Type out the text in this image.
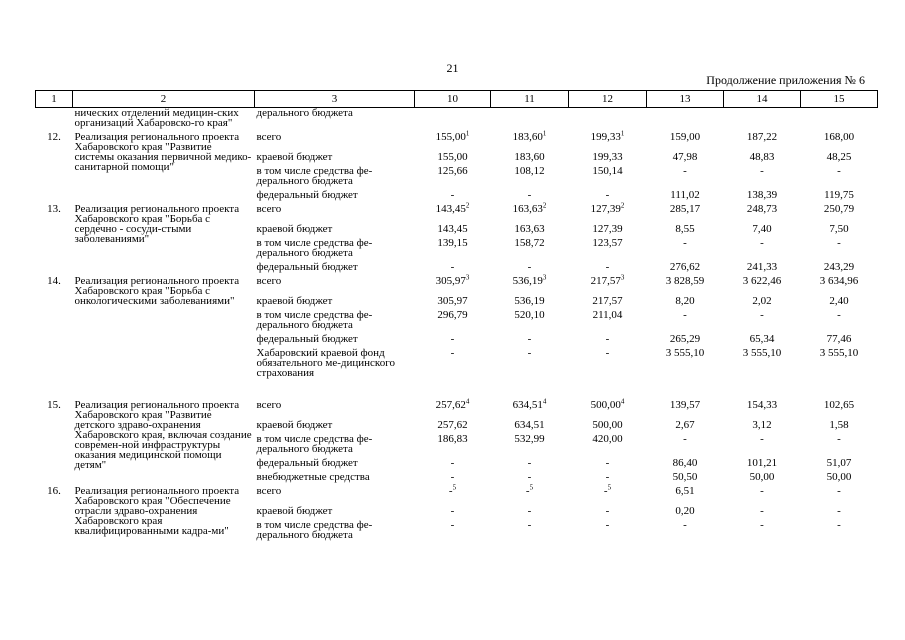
21
Продолжение приложения № 6
1	2	3	10	11	12	13	14	15
	нических отделений медицин-ских организаций Хабаровско-го края"	дерального бюджета						
12.	Реализация регионального проекта Хабаровского края "Развитие системы оказания первичной медико-санитарной помощи"	всего	155,00$^1$	183,60$^1$	199,33$^1$	159,00	187,22	168,00
		краевой бюджет	155,00	183,60	199,33	47,98	48,83	48,25
		в том числе средства фе-дерального бюджета	125,66	108,12	150,14	-	-	-
		федеральный бюджет	-	-	-	111,02	138,39	119,75
13.	Реализация регионального проекта Хабаровского края "Борьба с сердечно - сосуди-стыми заболеваниями"	всего	143,45$^2$	163,63$^2$	127,39$^2$	285,17	248,73	250,79
		краевой бюджет	143,45	163,63	127,39	8,55	7,40	7,50
		в том числе средства фе-дерального бюджета	139,15	158,72	123,57	-	-	-
		федеральный бюджет	-	-	-	276,62	241,33	243,29
14.	Реализация регионального проекта Хабаровского края "Борьба с онкологическими заболеваниями"	всего	305,97$^3$	536,19$^3$	217,57$^3$	3 828,59	3 622,46	3 634,96
		краевой бюджет	305,97	536,19	217,57	8,20	2,02	2,40
		в том числе средства фе-дерального бюджета	296,79	520,10	211,04	-	-	-
		федеральный бюджет	-	-	-	265,29	65,34	77,46
		Хабаровский краевой фонд обязательного ме-дицинского страхования	-	-	-	3 555,10	3 555,10	3 555,10
15.	Реализация регионального проекта Хабаровского края "Развитие детского здраво-охранения Хабаровского края, включая создание современ-ной инфраструктуры оказания медицинской помощи детям"	всего	257,62$^4$	634,51$^4$	500,00$^4$	139,57	154,33	102,65
		краевой бюджет	257,62	634,51	500,00	2,67	3,12	1,58
		в том числе средства фе-дерального бюджета	186,83	532,99	420,00	-	-	-
		федеральный бюджет	-	-	-	86,40	101,21	51,07
		внебюджетные средства	-	-	-	50,50	50,00	50,00
16.	Реализация регионального проекта Хабаровского края "Обеспечение отрасли здраво-охранения Хабаровского края квалифицированными кадра-ми"	всего	-$^5$	-$^5$	-$^5$	6,51	-	-
		краевой бюджет	-	-	-	0,20	-	-
		в том числе средства фе-дерального бюджета	-	-	-	-	-	-
